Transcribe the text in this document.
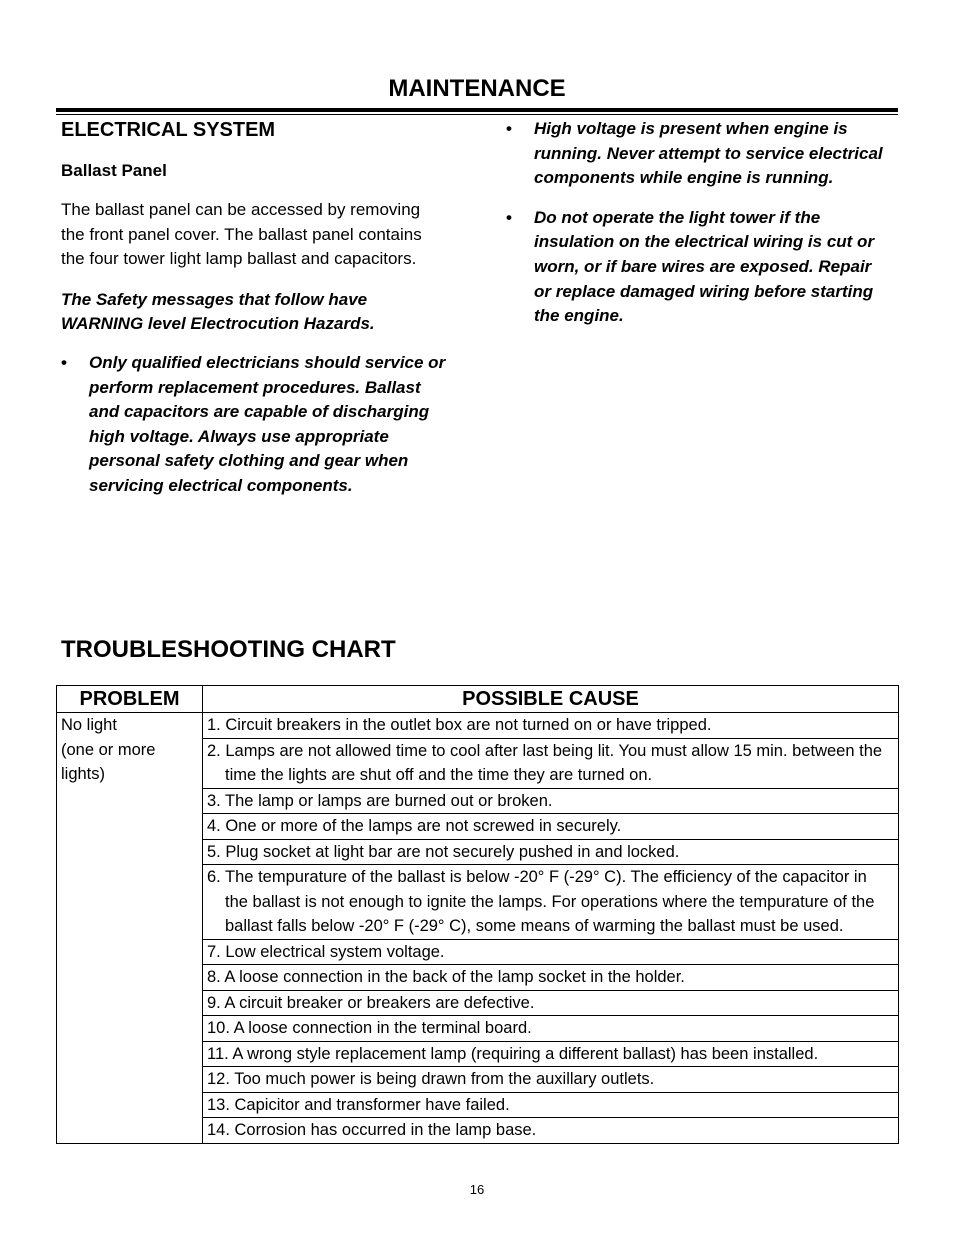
MAINTENANCE
ELECTRICAL SYSTEM
Ballast Panel
The ballast panel can be accessed by removing the front panel cover. The ballast panel contains the four tower light lamp ballast and capacitors.
The Safety messages that follow have WARNING level Electrocution Hazards.
• Only qualified electricians should service or perform replacement procedures. Ballast and capacitors are capable of discharging high voltage. Always use appropriate personal safety clothing and gear when servicing electrical components.
• High voltage is present when engine is running. Never attempt to service electrical components while engine is running.
• Do not operate the light tower if the insulation on the electrical wiring is cut or worn, or if bare wires are exposed. Repair or replace damaged wiring before starting the engine.
TROUBLESHOOTING CHART
PROBLEM	POSSIBLE CAUSE

No light
(one or more
lights)	1. Circuit breakers in the outlet box are not turned on or have tripped.

	2. Lamps are not allowed time to cool after last being lit. You must allow 15 min. between the time the lights are shut off and the time they are turned on.

	3. The lamp or lamps are burned out or broken.

	4. One or more of the lamps are not screwed in securely.

	5. Plug socket at light bar are not securely pushed in and locked.

	6. The tempurature of the ballast is below -20° F (-29° C). The efficiency of the capacitor in the ballast is not enough to ignite the lamps. For operations where the tempurature of the ballast falls below -20° F (-29° C), some means of warming the ballast must be used.

	7. Low electrical system voltage.

	8. A loose connection in the back of the lamp socket in the holder.

	9. A circuit breaker or breakers are defective.

	10. A loose connection in the terminal board.

	11. A wrong style replacement lamp (requiring a different ballast) has been installed.

	12. Too much power is being drawn from the auxillary outlets.

	13. Capicitor and transformer have failed.

	14. Corrosion has occurred in the lamp base.
16
